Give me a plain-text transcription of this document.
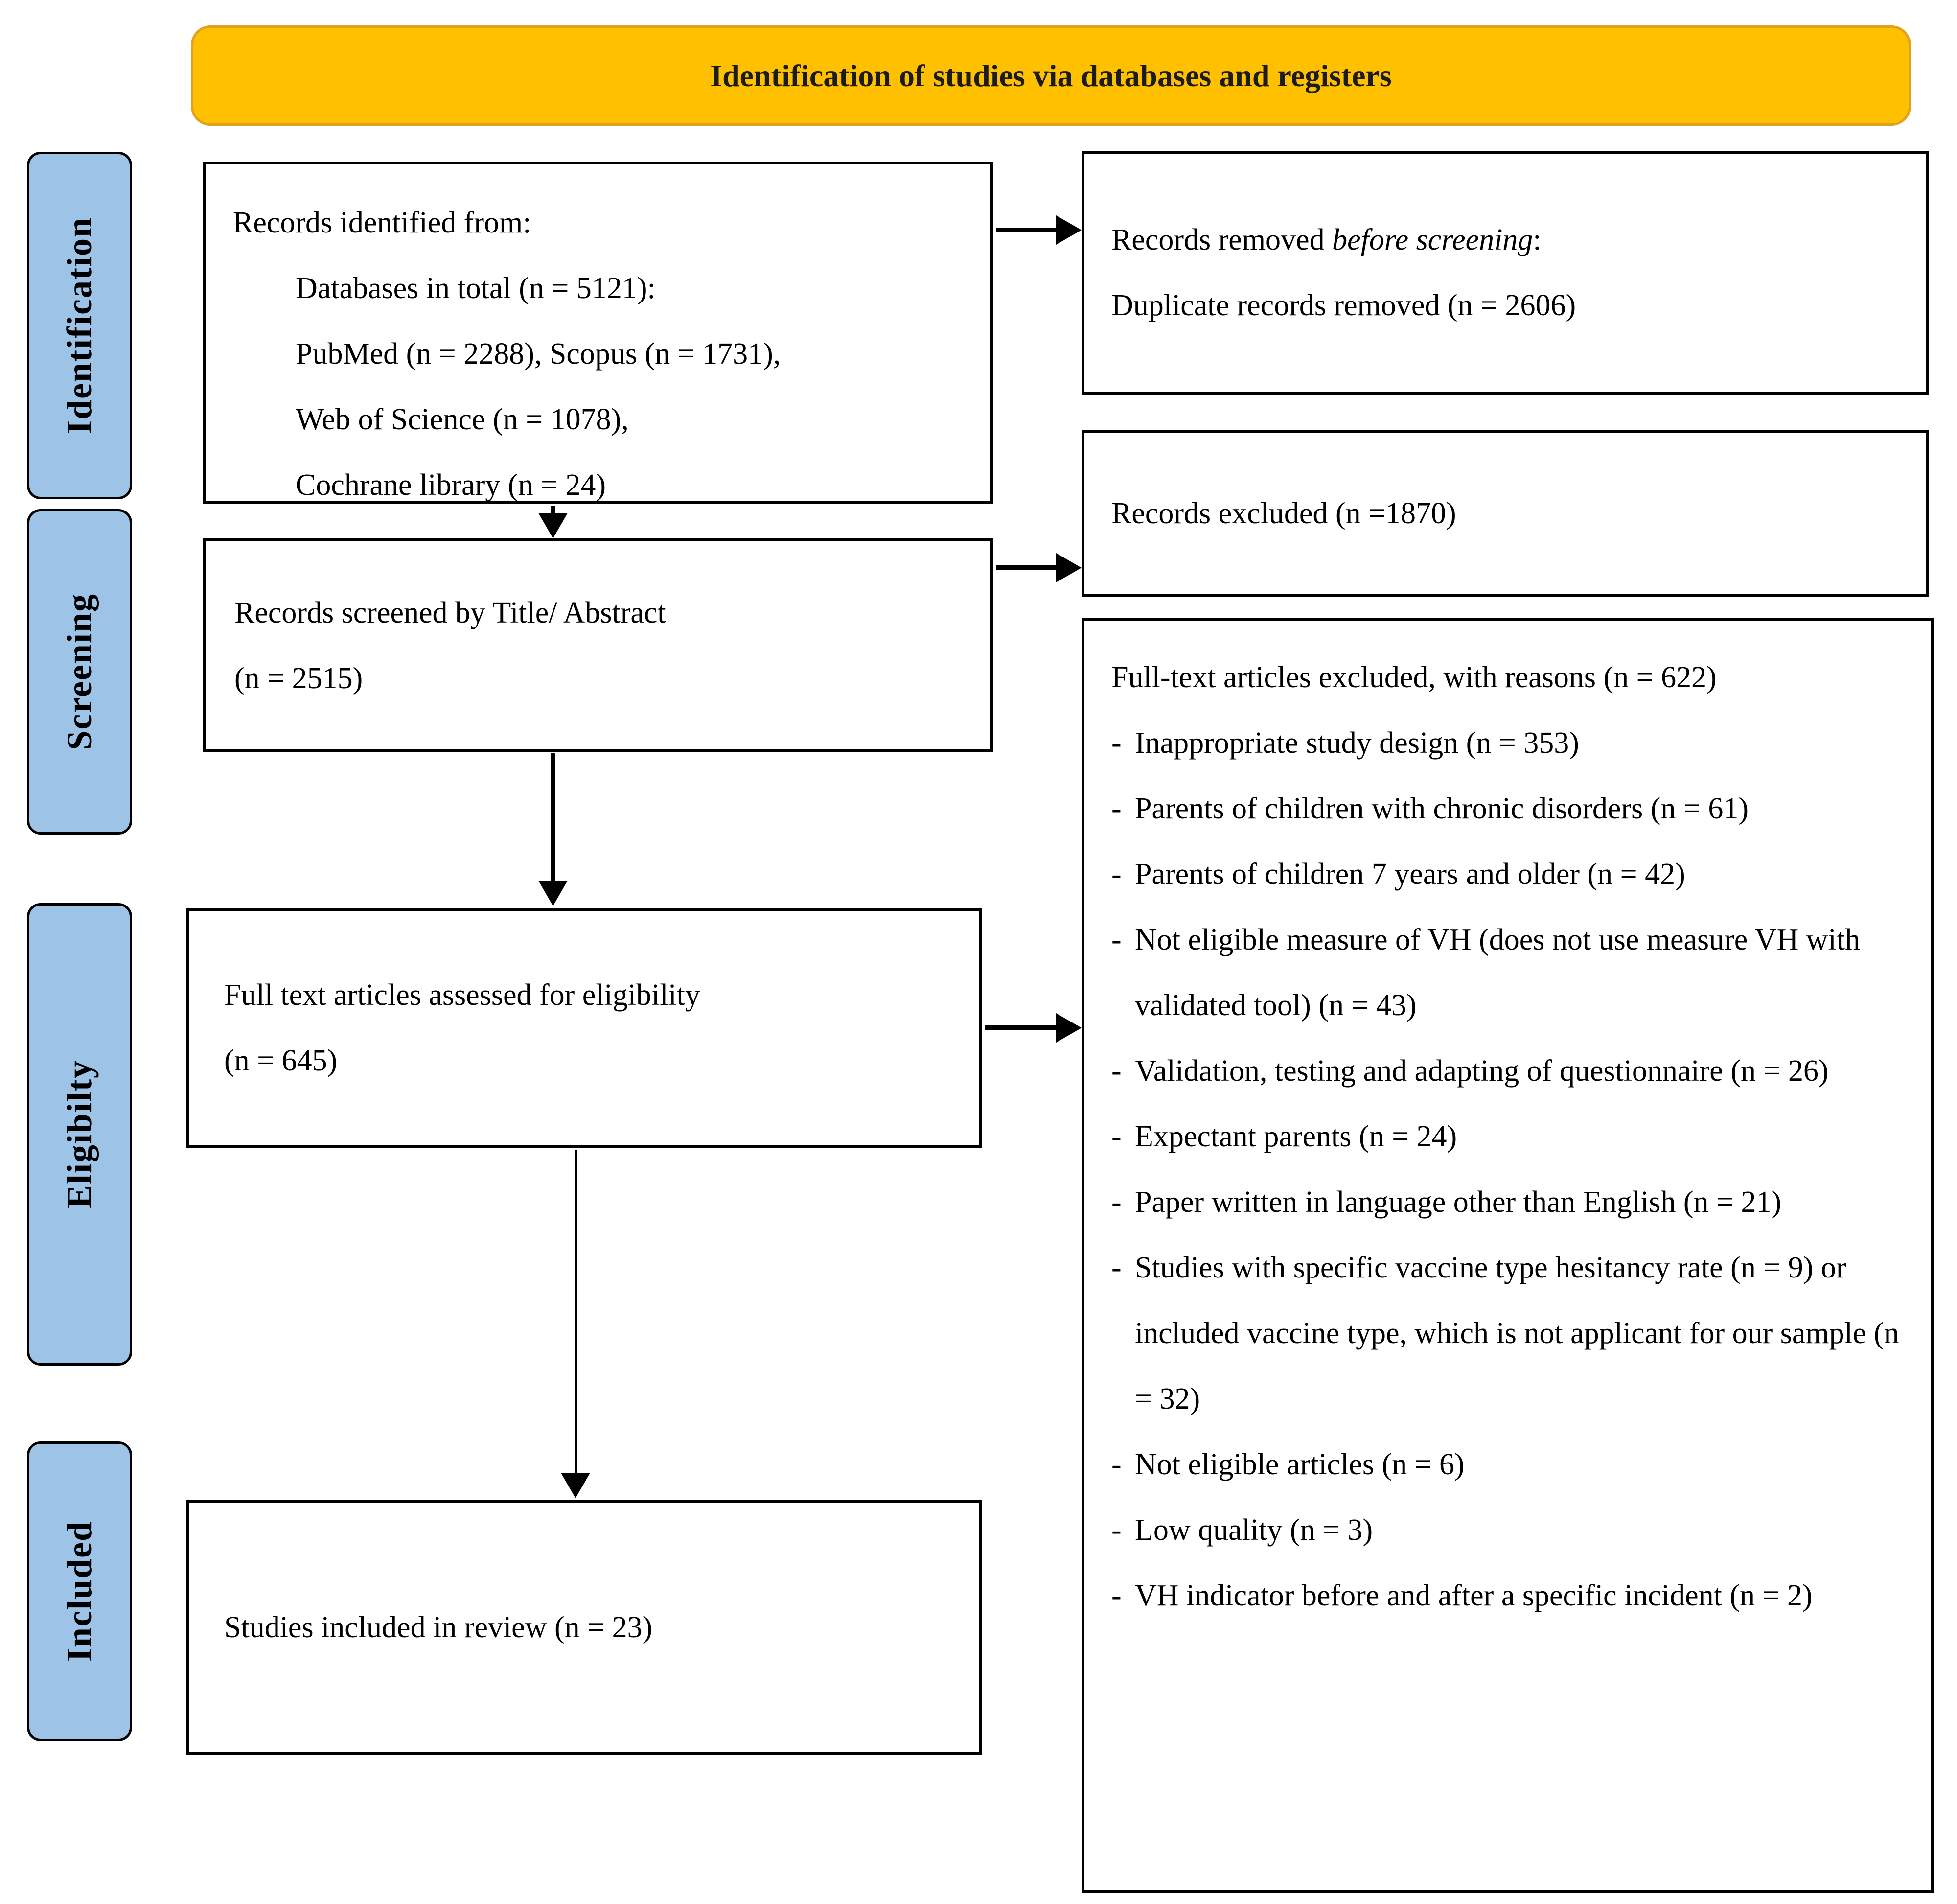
Identification of studies via databases and registers
Identification
Screening
Eligibilty
Included
Records identified from:
Databases in total (n = 5121):
PubMed (n = 2288), Scopus (n = 1731),
Web of Science (n = 1078),
Cochrane library (n = 24)
Records removed before screening:
Duplicate records removed (n = 2606)
Records excluded (n =1870)
Records screened by Title/ Abstract
(n = 2515)
Full text articles assessed for eligibility
(n = 645)
Full-text articles excluded, with reasons (n = 622)
- Inappropriate study design (n = 353)
- Parents of children with chronic disorders (n = 61)
- Parents of children 7 years and older (n = 42)
- Not eligible measure of VH (does not use measure VH with validated tool) (n = 43)
- Validation, testing and adapting of questionnaire (n = 26)
- Expectant parents (n = 24)
- Paper written in language other than English (n = 21)
- Studies with specific vaccine type hesitancy rate (n = 9) or included vaccine type, which is not applicant for our sample (n = 32)
- Not eligible articles (n = 6)
- Low quality (n = 3)
- VH indicator before and after a specific incident (n = 2)
Studies included in review (n = 23)
